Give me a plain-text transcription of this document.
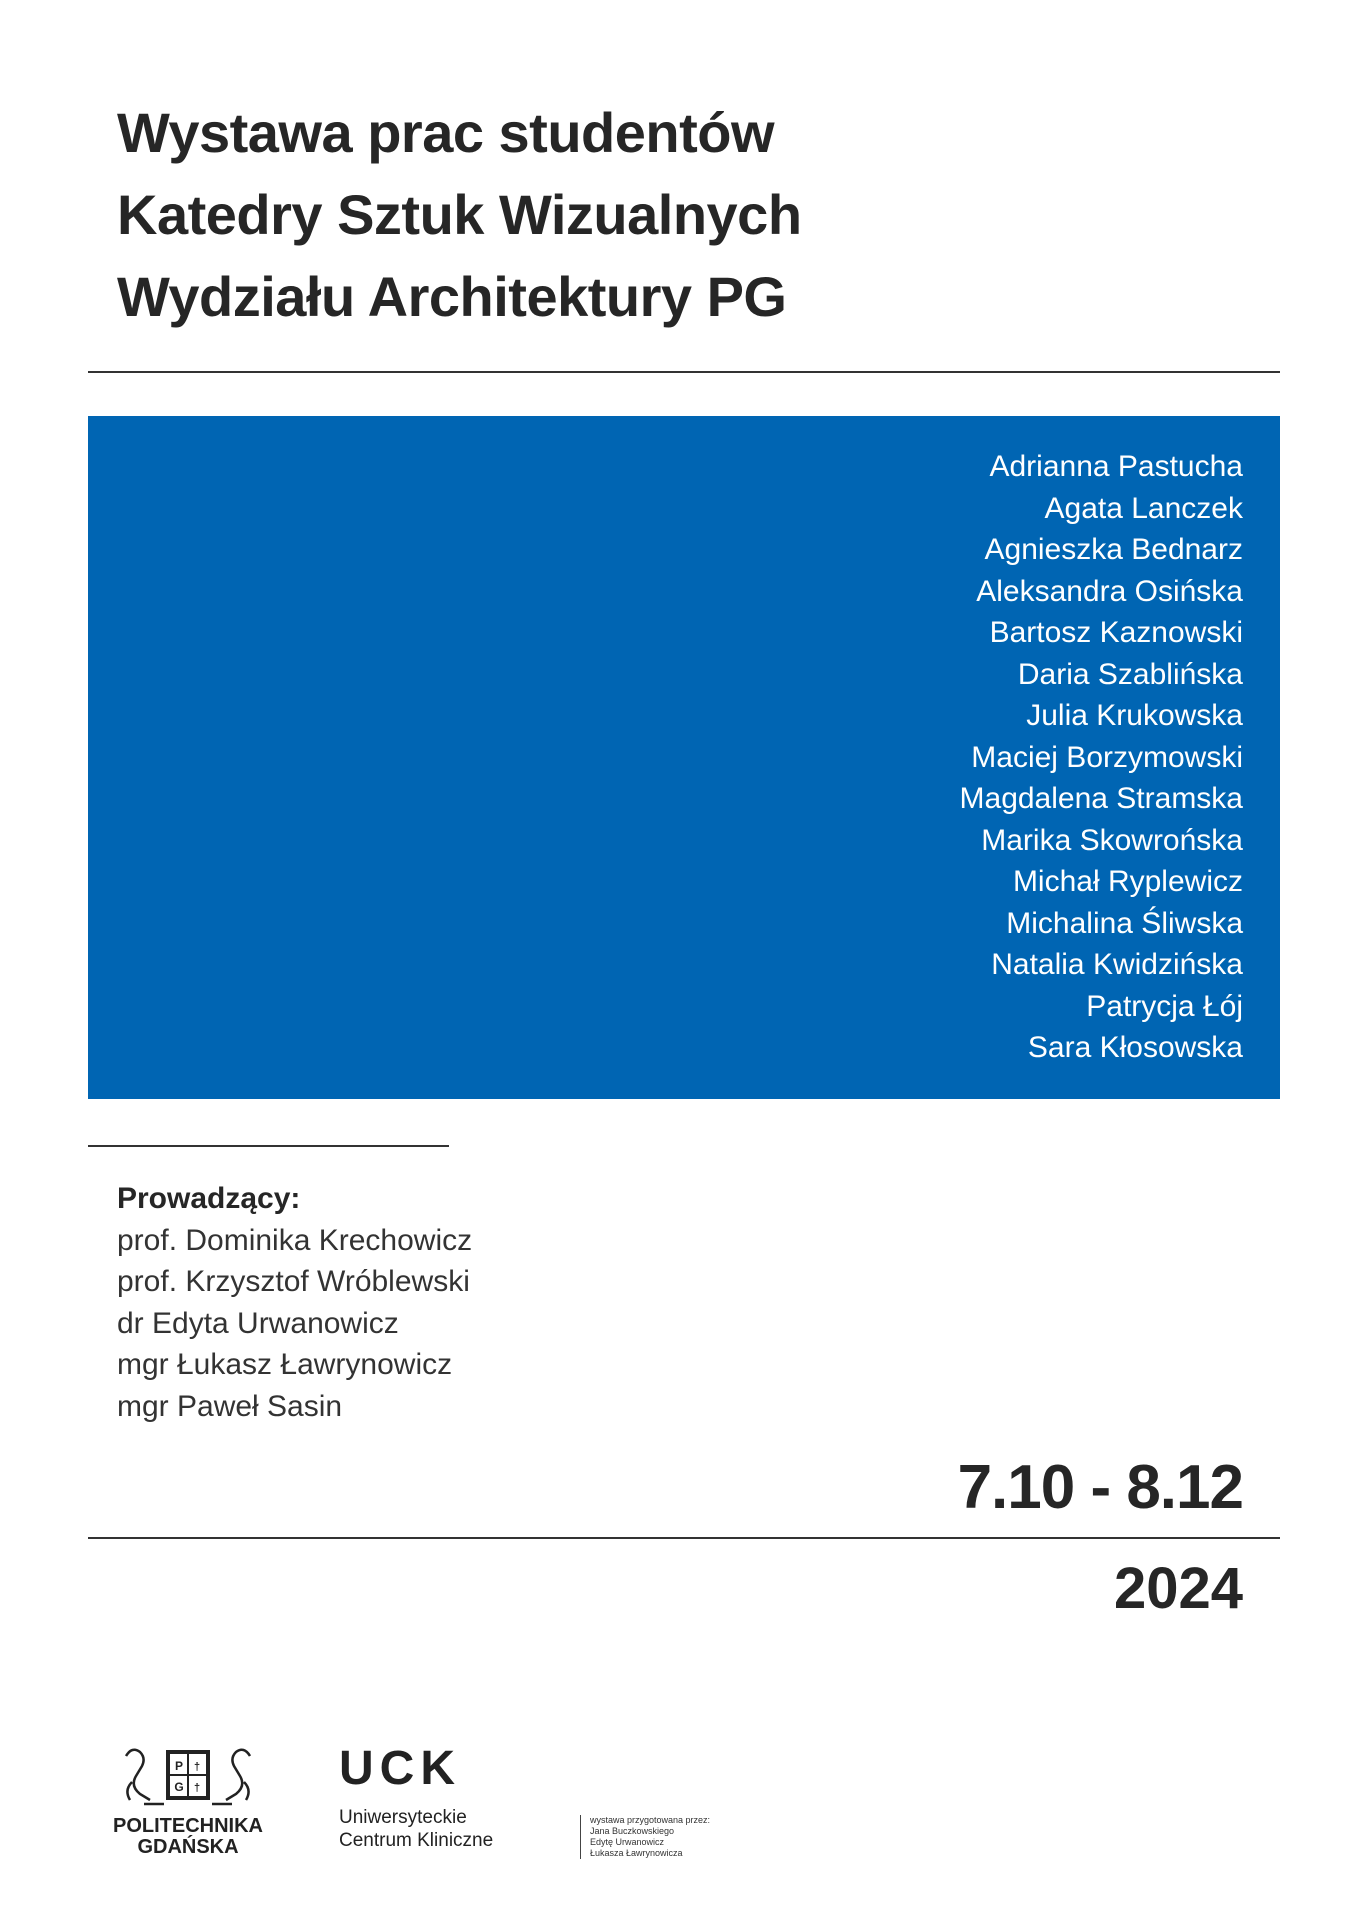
Wystawa prac studentów
Katedry Sztuk Wizualnych
Wydziału Architektury PG
Adrianna Pastucha
Agata Lanczek
Agnieszka Bednarz
Aleksandra Osińska
Bartosz Kaznowski
Daria Szablińska
Julia Krukowska
Maciej Borzymowski
Magdalena Stramska
Marika Skowrońska
Michał Ryplewicz
Michalina Śliwska
Natalia Kwidzińska
Patrycja Łój
Sara Kłosowska
Prowadzący:
prof. Dominika Krechowicz
prof. Krzysztof Wróblewski
dr Edyta Urwanowicz
mgr Łukasz Ławrynowicz
mgr Paweł Sasin
7.10 - 8.12
2024
P
G
†
†
POLITECHNIKA
GDAŃSKA
UCK
Uniwersyteckie
Centrum Kliniczne
wystawa przygotowana przez:
Jana Buczkowskiego
Edytę Urwanowicz
Łukasza Ławrynowicza
